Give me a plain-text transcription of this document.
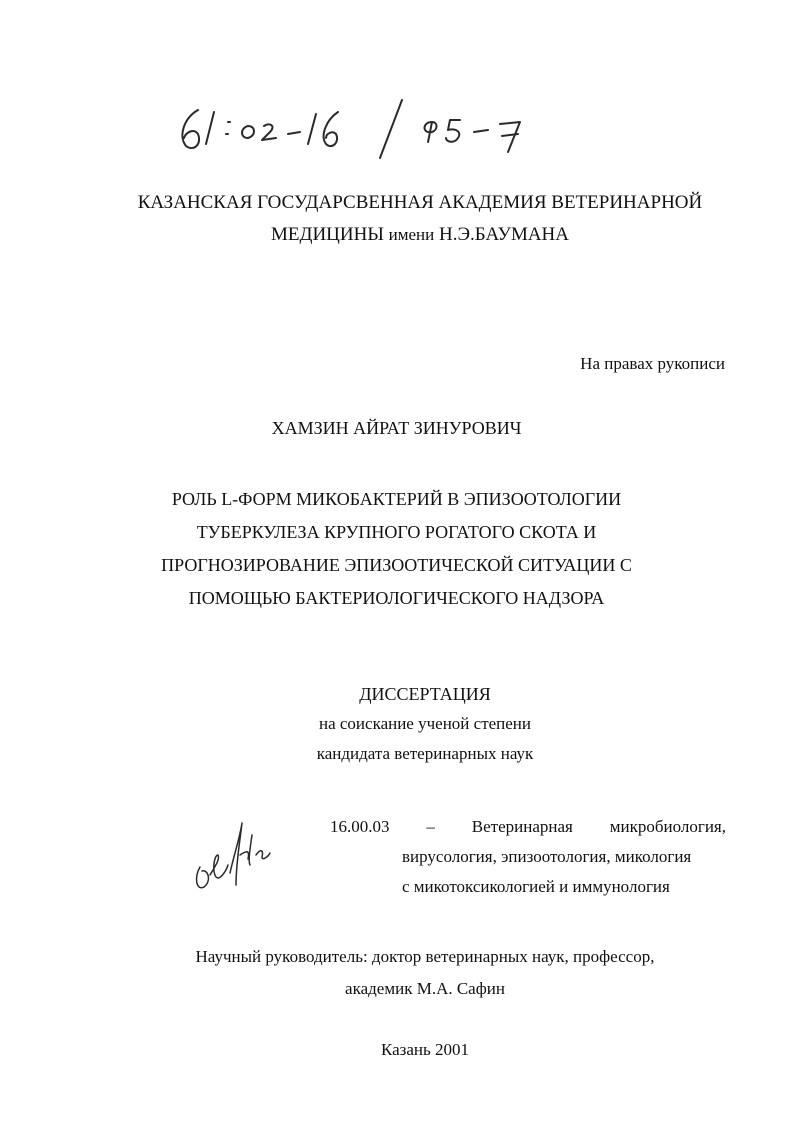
КАЗАНСКАЯ ГОСУДАРСВЕННАЯ АКАДЕМИЯ ВЕТЕРИНАРНОЙ
МЕДИЦИНЫ имени Н.Э.БАУМАНА
На правах рукописи
ХАМЗИН АЙРАТ ЗИНУРОВИЧ
РОЛЬ L-ФОРМ МИКОБАКТЕРИЙ В ЭПИЗООТОЛОГИИ
ТУБЕРКУЛЕЗА КРУПНОГО РОГАТОГО СКОТА И
ПРОГНОЗИРОВАНИЕ ЭПИЗООТИЧЕСКОЙ СИТУАЦИИ С
ПОМОЩЬЮ БАКТЕРИОЛОГИЧЕСКОГО НАДЗОРА
ДИССЕРТАЦИЯ
на соискание ученой степени
кандидата ветеринарных наук
16.00.03 – Ветеринарная микробиология,
вирусология, эпизоотология, микология
с микотоксикологией и иммунология
Научный руководитель: доктор ветеринарных наук, профессор,
академик М.А. Сафин
Казань 2001
